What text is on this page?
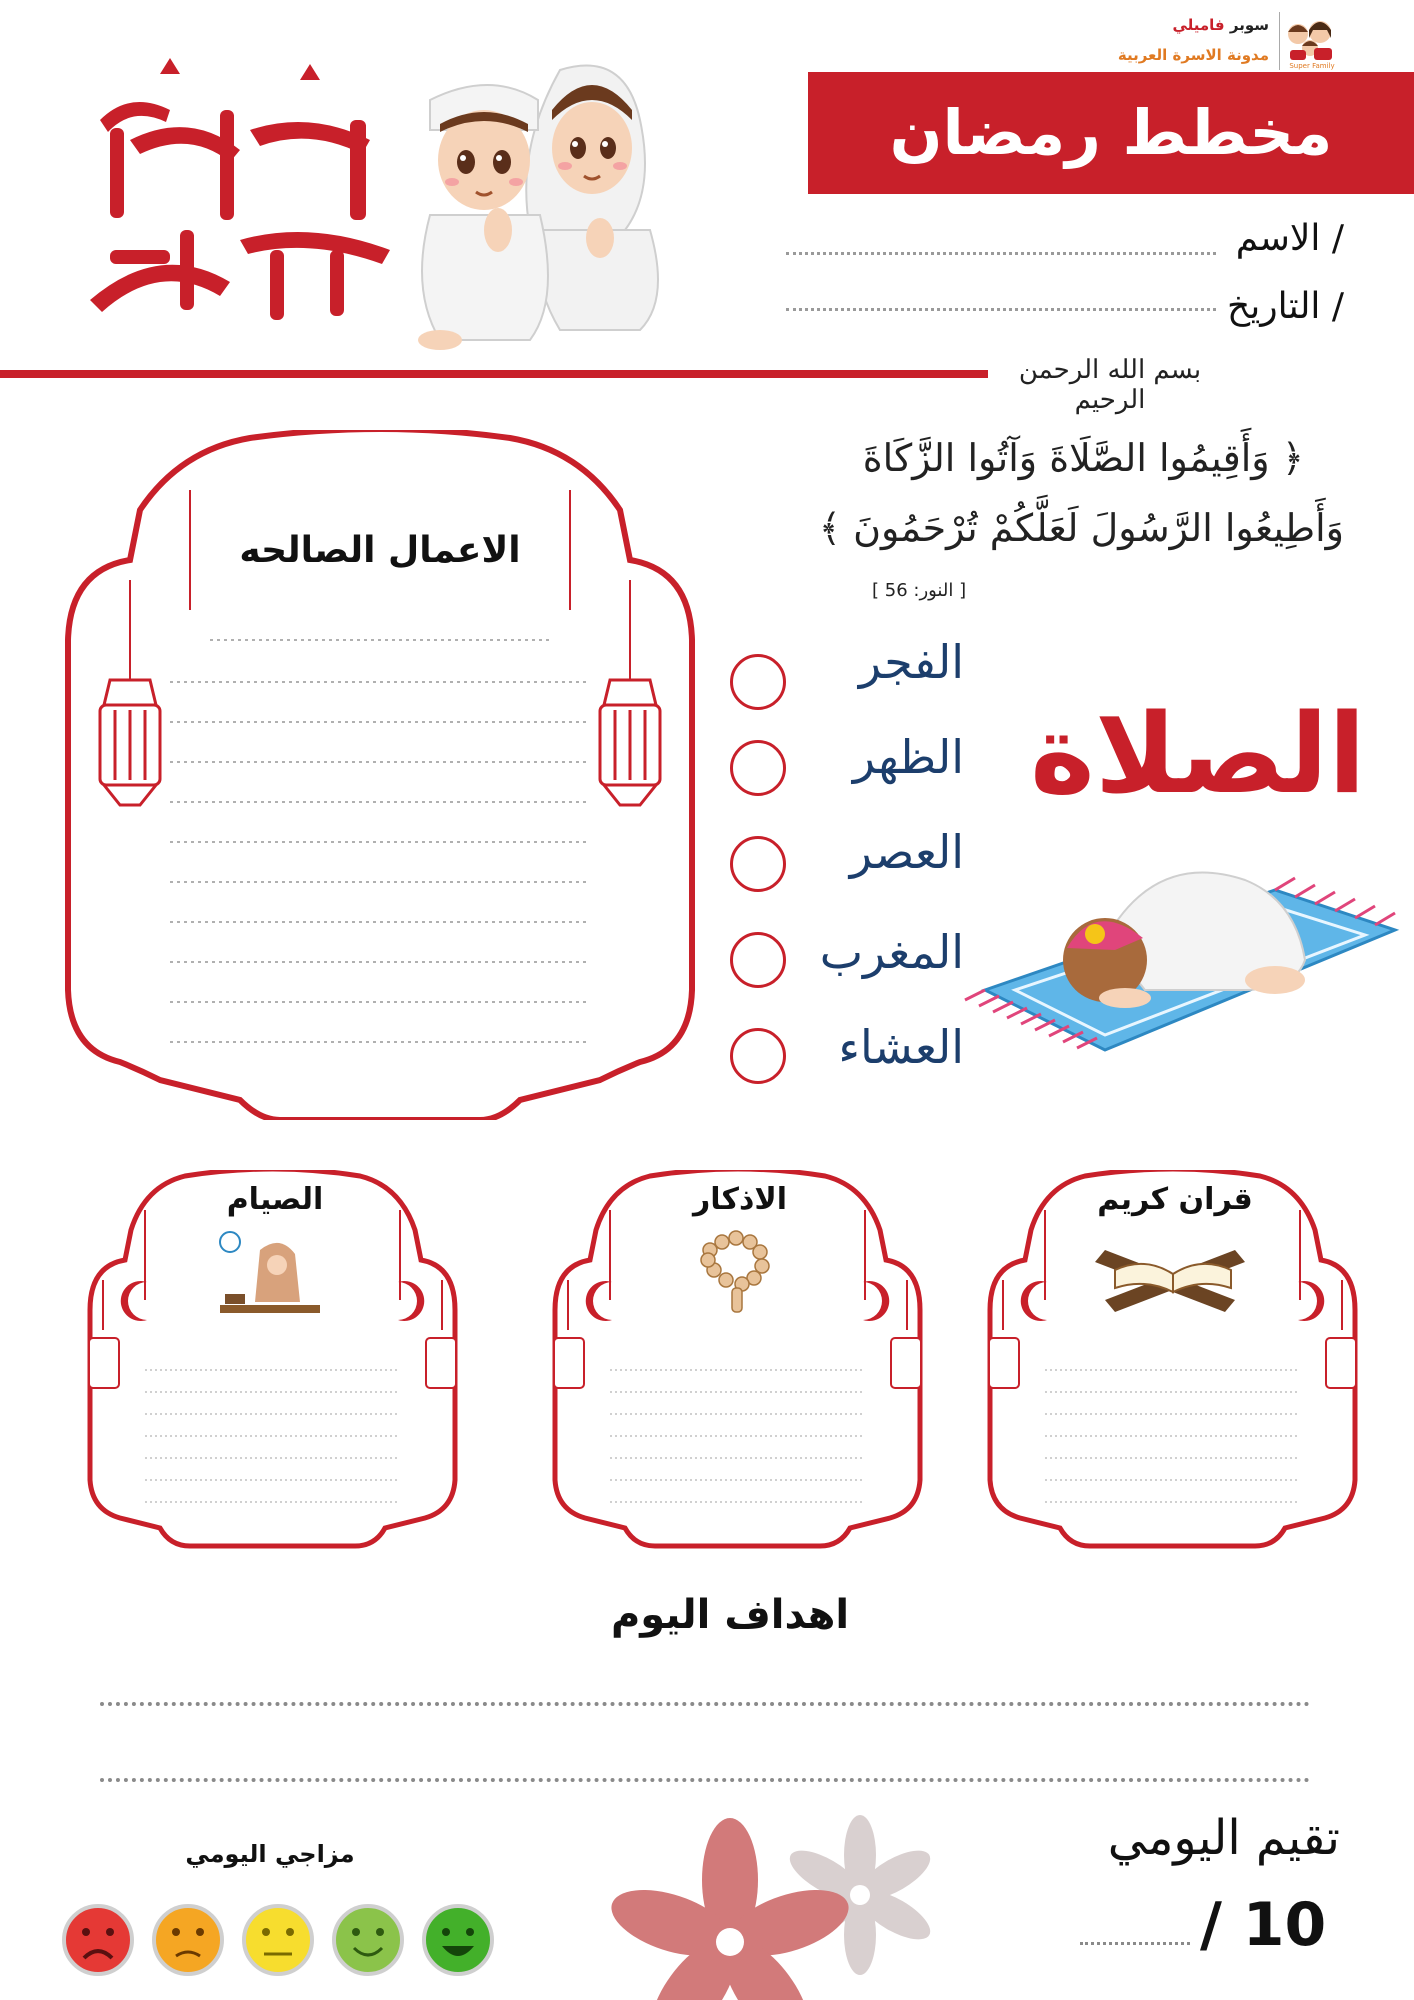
سوبر فاميلي
مدونة الاسرة العربية
Super Family
رمضان كريم
مخطط رمضان
الاسم /
التاريخ /
بسم الله الرحمن الرحيم
﴿ وَأَقِيمُوا الصَّلَاةَ وَآتُوا الزَّكَاةَ
وَأَطِيعُوا الرَّسُولَ لَعَلَّكُمْ تُرْحَمُونَ ﴾
[ النور: 56 ]
الاعمال الصالحه
الفجر
الظهر
العصر
المغرب
العشاء
الصلاة
الصيام	الاذكار	قران كريم
اهداف اليوم
مزاجي اليومي	تقيم اليومي
/ 10
